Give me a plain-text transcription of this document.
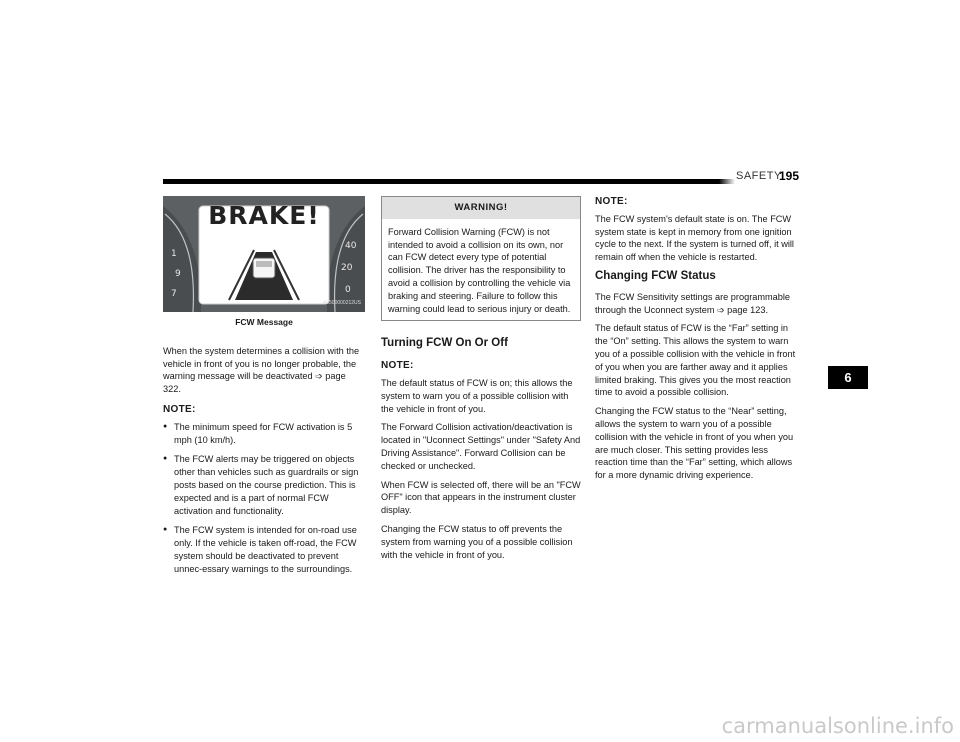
SAFETY
195
1
9
7
40
20
0
BRAKE!
A0500000212US
FCW Message

When the system determines a collision with the vehicle in front of you is no longer probable, the warning message will be deactivated ➩ page 322.

NOTE:
● The minimum speed for FCW activation is 5 mph (10 km/h).
● The FCW alerts may be triggered on objects other than vehicles such as guardrails or sign posts based on the course prediction. This is expected and is a part of normal FCW activation and functionality.
● The FCW system is intended for on-road use only. If the vehicle is taken off-road, the FCW system should be deactivated to prevent unnec-essary warnings to the surroundings.
WARNING!
Forward Collision Warning (FCW) is not intended to avoid a collision on its own, nor can FCW detect every type of potential collision. The driver has the responsibility to avoid a collision by controlling the vehicle via braking and steering. Failure to follow this warning could lead to serious injury or death.
Turning FCW On Or Off
NOTE:

The default status of FCW is on; this allows the system to warn you of a possible collision with the vehicle in front of you.

The Forward Collision activation/deactivation is located in "Uconnect Settings" under "Safety And Driving Assistance". Forward Collision can be checked or unchecked.

When FCW is selected off, there will be an "FCW OFF" icon that appears in the instrument cluster display.

Changing the FCW status to off prevents the system from warning you of a possible collision with the vehicle in front of you.

NOTE:

The FCW system's default state is on. The FCW system state is kept in memory from one ignition cycle to the next. If the system is turned off, it will remain off when the vehicle is restarted.

Changing FCW Status

The FCW Sensitivity settings are programmable through the Uconnect system ➩ page 123.

The default status of FCW is the “Far” setting in the “On” setting. This allows the system to warn you of a possible collision with the vehicle in front of you when you are farther away and it applies limited braking. This gives you the most reaction time to avoid a possible collision.

Changing the FCW status to the “Near” setting, allows the system to warn you of a possible collision with the vehicle in front of you when you are much closer. This setting provides less reaction time than the “Far” setting, which allows for a more dynamic driving experience.

6
carmanualsonline.info
